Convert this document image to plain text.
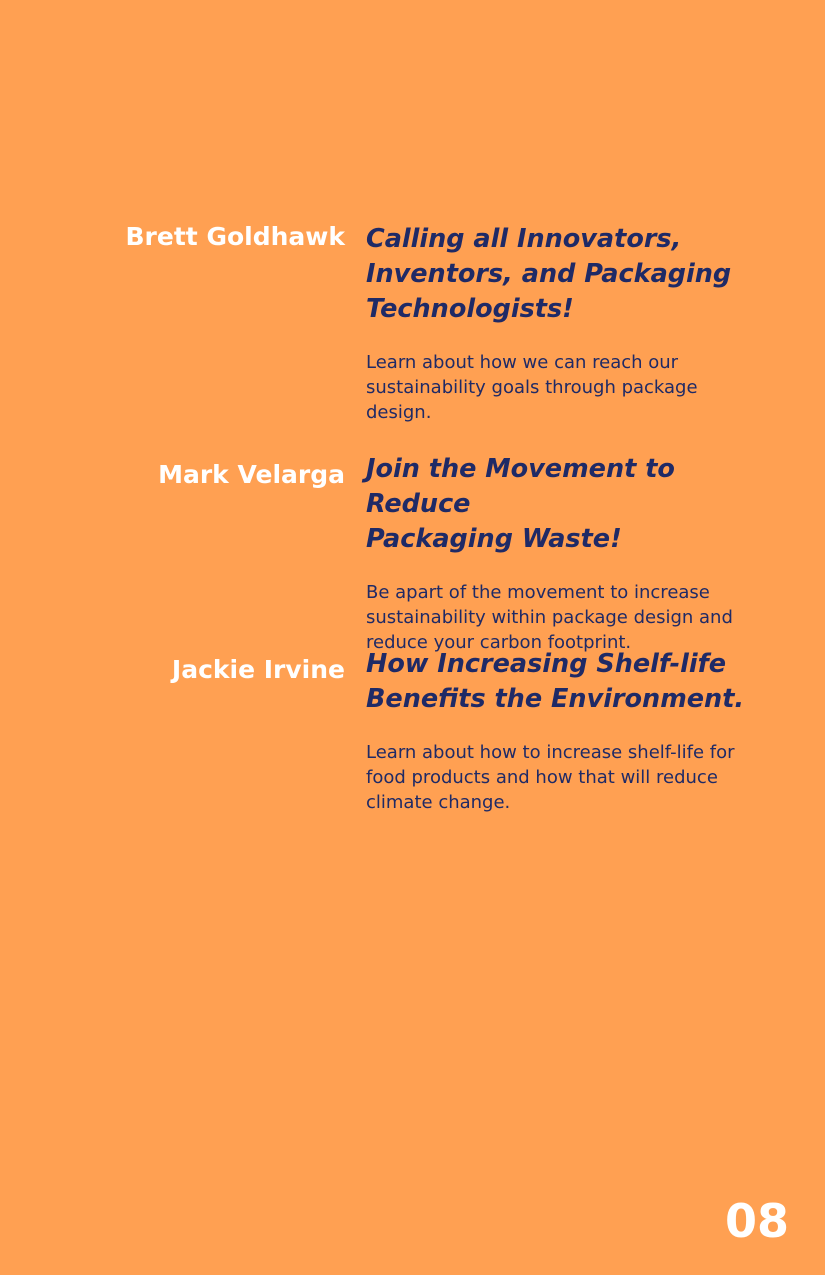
Brett Goldhawk Calling all Innovators,
Inventors, and Packaging
Technologists!

Learn about how we can reach our
sustainability goals through package
design.

Mark Velarga Join the Movement to Reduce
Packaging Waste!

Be apart of the movement to increase
sustainability within package design and
reduce your carbon footprint.

Jackie Irvine How Increasing Shelf-life
Benefits the Environment.

Learn about how to increase shelf-life for
food products and how that will reduce
climate change.

08
